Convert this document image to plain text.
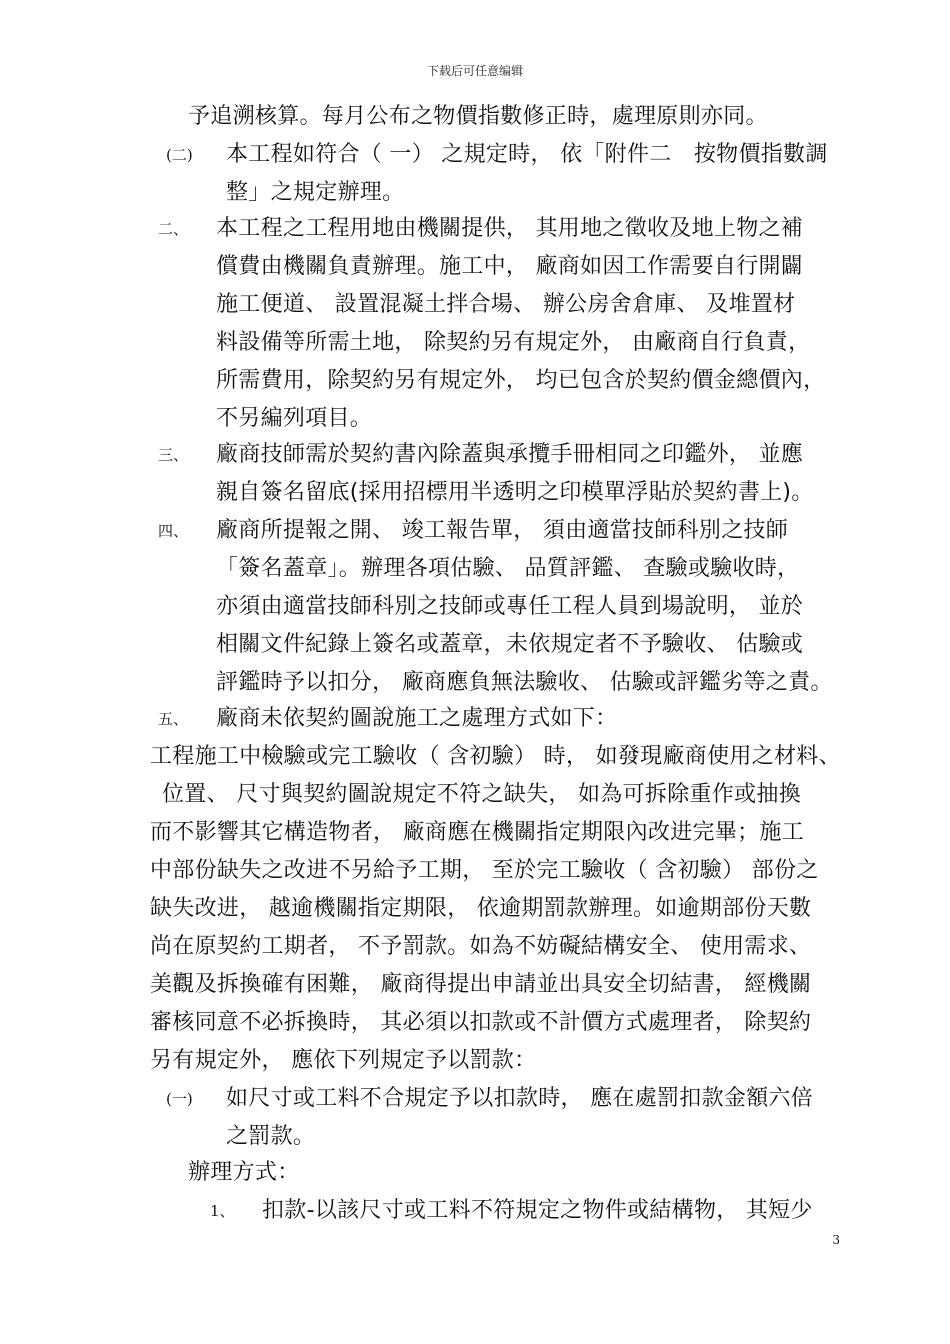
下载后可任意编辑
予追溯核算。每月公布之物價指數修正時，處理原則亦同。
(二) 本工程如符合（ 一） 之規定時， 依「附件二　按物價指數調
整」之規定辦理。
二、 本工程之工程用地由機關提供， 其用地之徵收及地上物之補
償費由機關負責辦理。施工中， 廠商如因工作需要自行開闢
施工便道、 設置混凝土拌合場、 辦公房舍倉庫、 及堆置材
料設備等所需土地， 除契約另有規定外， 由廠商自行負責，
所需費用，除契約另有規定外， 均已包含於契約價金總價內，
不另編列項目。
三、 廠商技師需於契約書內除蓋與承攬手冊相同之印鑑外， 並應
親自簽名留底(採用招標用半透明之印模單浮貼於契約書上)。
四、 廠商所提報之開、 竣工報告單， 須由適當技師科別之技師
「簽名蓋章」。辦理各項估驗、 品質評鑑、 查驗或驗收時，
亦須由適當技師科別之技師或專任工程人員到場說明， 並於
相關文件紀錄上簽名或蓋章，未依規定者不予驗收、 估驗或
評鑑時予以扣分， 廠商應負無法驗收、 估驗或評鑑劣等之責。
五、 廠商未依契約圖說施工之處理方式如下：
工程施工中檢驗或完工驗收（ 含初驗） 時， 如發現廠商使用之材料、
位置、 尺寸與契約圖說規定不符之缺失， 如為可拆除重作或抽換
而不影響其它構造物者， 廠商應在機關指定期限內改进完畢；施工
中部份缺失之改进不另給予工期， 至於完工驗收（ 含初驗） 部份之
缺失改进， 越逾機關指定期限， 依逾期罰款辦理。如逾期部份天數
尚在原契約工期者， 不予罰款。如為不妨礙結構安全、 使用需求、
美觀及拆換確有困難， 廠商得提出申請並出具安全切結書， 經機關
審核同意不必拆換時， 其必須以扣款或不計價方式處理者， 除契約
另有規定外， 應依下列規定予以罰款：
(一) 如尺寸或工料不合規定予以扣款時， 應在處罰扣款金額六倍
之罰款。
辦理方式：
1、 扣款-以該尺寸或工料不符規定之物件或結構物， 其短少
3
